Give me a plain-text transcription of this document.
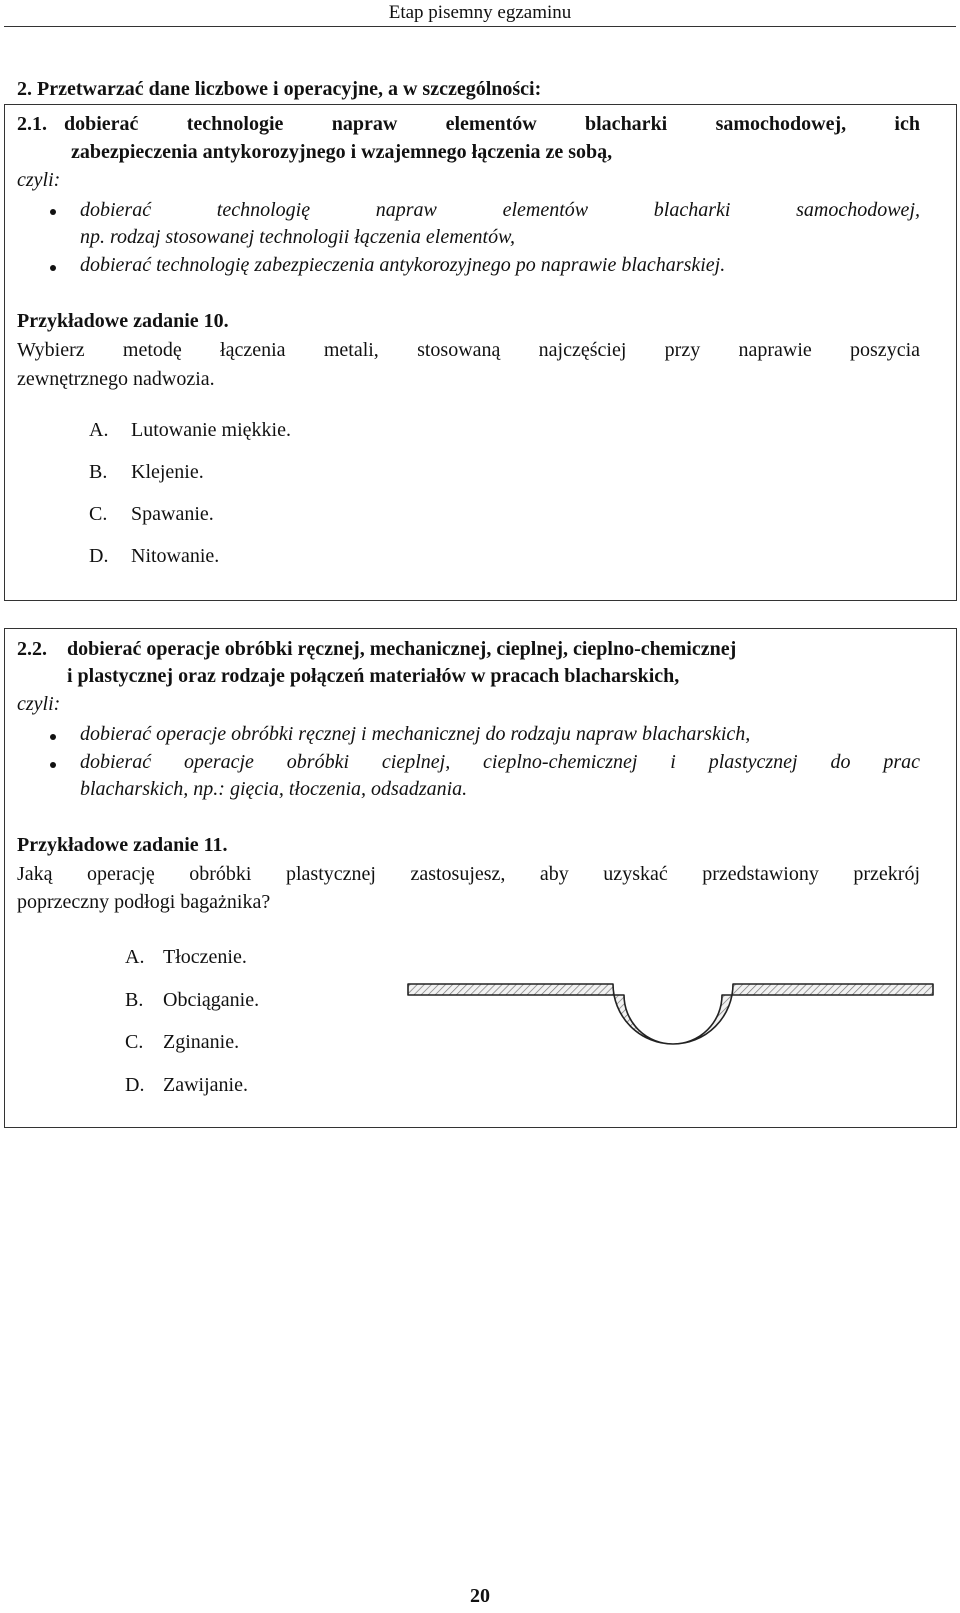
Etap pisemny egzaminu
2. Przetwarzać dane liczbowe i operacyjne, a w szczególności:
2.1. dobierać technologie napraw elementów blacharki samochodowej, ich
zabezpieczenia antykorozyjnego i wzajemnego łączenia ze sobą,
czyli:
dobierać technologię napraw elementów blacharki samochodowej,
np. rodzaj stosowanej technologii łączenia elementów,
dobierać technologię zabezpieczenia antykorozyjnego po naprawie blacharskiej.
Przykładowe zadanie 10.
Wybierz metodę łączenia metali, stosowaną najczęściej przy naprawie poszycia
zewnętrznego nadwozia.
A. Lutowanie miękkie.
B. Klejenie.
C. Spawanie.
D. Nitowanie.
2.2. dobierać operacje obróbki ręcznej, mechanicznej, cieplnej, cieplno-chemicznej
i plastycznej oraz rodzaje połączeń materiałów w pracach blacharskich,
czyli:
dobierać operacje obróbki ręcznej i mechanicznej do rodzaju napraw blacharskich,
dobierać operacje obróbki cieplnej, cieplno-chemicznej i plastycznej do prac
blacharskich, np.: gięcia, tłoczenia, odsadzania.
Przykładowe zadanie 11.
Jaką operację obróbki plastycznej zastosujesz, aby uzyskać przedstawiony przekrój
poprzeczny podłogi bagażnika?
A. Tłoczenie.
B. Obciąganie.
C. Zginanie.
D. Zawijanie.
20
